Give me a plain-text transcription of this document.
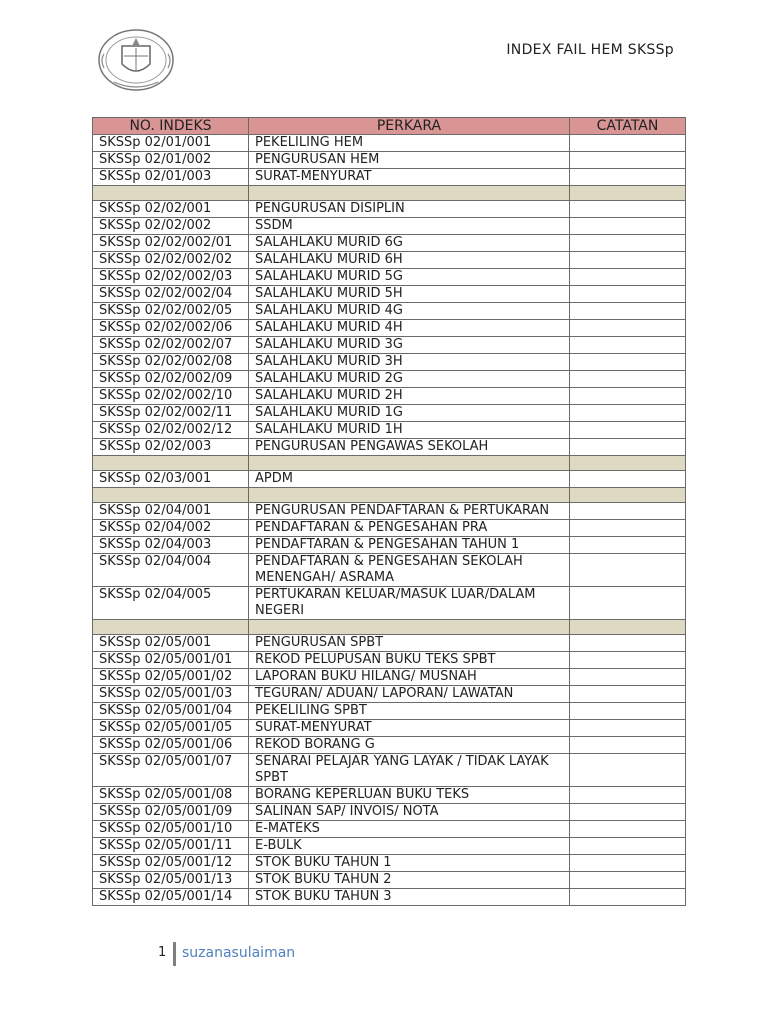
INDEX FAIL HEM SKSSp
NO. INDEKS	PERKARA	CATATAN
SKSSp 02/01/001	PEKELILING HEM	
SKSSp 02/01/002	PENGURUSAN HEM	
SKSSp 02/01/003	SURAT-MENYURAT	

SKSSp 02/02/001	PENGURUSAN DISIPLIN	
SKSSp 02/02/002	SSDM	
SKSSp 02/02/002/01	SALAHLAKU MURID 6G	
SKSSp 02/02/002/02	SALAHLAKU MURID 6H	
SKSSp 02/02/002/03	SALAHLAKU MURID 5G	
SKSSp 02/02/002/04	SALAHLAKU MURID 5H	
SKSSp 02/02/002/05	SALAHLAKU MURID 4G	
SKSSp 02/02/002/06	SALAHLAKU MURID 4H	
SKSSp 02/02/002/07	SALAHLAKU MURID 3G	
SKSSp 02/02/002/08	SALAHLAKU MURID 3H	
SKSSp 02/02/002/09	SALAHLAKU MURID 2G	
SKSSp 02/02/002/10	SALAHLAKU MURID 2H	
SKSSp 02/02/002/11	SALAHLAKU MURID 1G	
SKSSp 02/02/002/12	SALAHLAKU MURID 1H	
SKSSp 02/02/003	PENGURUSAN PENGAWAS SEKOLAH	

SKSSp 02/03/001	APDM	

SKSSp 02/04/001	PENGURUSAN PENDAFTARAN & PERTUKARAN	
SKSSp 02/04/002	PENDAFTARAN & PENGESAHAN PRA	
SKSSp 02/04/003	PENDAFTARAN & PENGESAHAN TAHUN 1	
SKSSp 02/04/004	PENDAFTARAN & PENGESAHAN SEKOLAH MENENGAH/ ASRAMA	
SKSSp 02/04/005	PERTUKARAN KELUAR/MASUK LUAR/DALAM NEGERI	

SKSSp 02/05/001	PENGURUSAN SPBT	
SKSSp 02/05/001/01	REKOD PELUPUSAN BUKU TEKS SPBT	
SKSSp 02/05/001/02	LAPORAN BUKU HILANG/ MUSNAH	
SKSSp 02/05/001/03	TEGURAN/ ADUAN/ LAPORAN/ LAWATAN	
SKSSp 02/05/001/04	PEKELILING SPBT	
SKSSp 02/05/001/05	SURAT-MENYURAT	
SKSSp 02/05/001/06	REKOD BORANG G	
SKSSp 02/05/001/07	SENARAI PELAJAR YANG LAYAK / TIDAK LAYAK SPBT	
SKSSp 02/05/001/08	BORANG KEPERLUAN BUKU TEKS	
SKSSp 02/05/001/09	SALINAN SAP/ INVOIS/ NOTA	
SKSSp 02/05/001/10	E-MATEKS	
SKSSp 02/05/001/11	E-BULK	
SKSSp 02/05/001/12	STOK BUKU TAHUN 1	
SKSSp 02/05/001/13	STOK BUKU TAHUN 2	
SKSSp 02/05/001/14	STOK BUKU TAHUN 3	
1 suzanasulaiman
